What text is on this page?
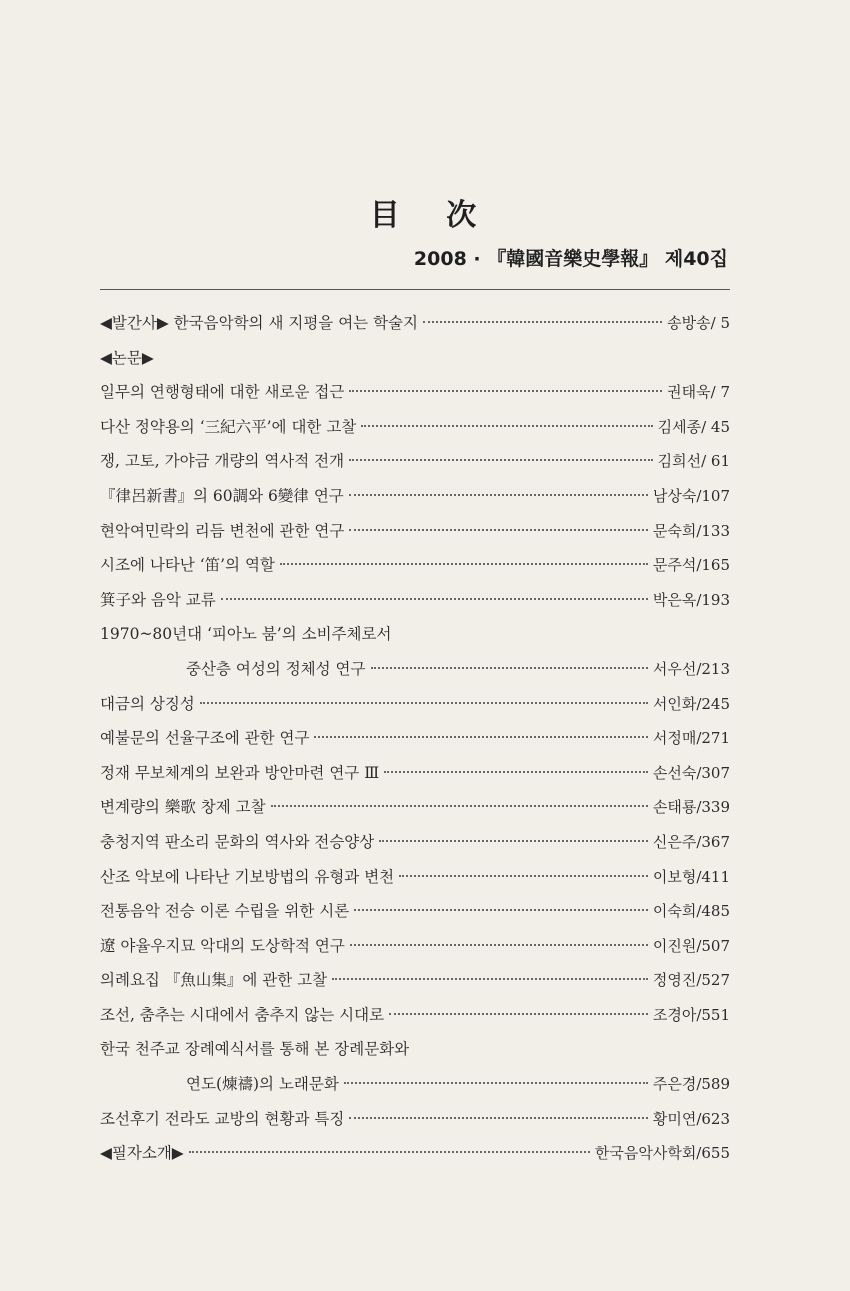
目 次
2008 · 『韓國音樂史學報』 제40집
◀발간사▶ 한국음악학의 새 지평을 여는 학술지	송방송/ 5
◀논문▶
일무의 연행형태에 대한 새로운 접근	권태욱/ 7
다산 정약용의 ‘三紀六平’에 대한 고찰	김세종/ 45
쟁, 고토, 가야금 개량의 역사적 전개	김희선/ 61
『律呂新書』의 60調와 6變律 연구	남상숙/107
현악여민락의 리듬 변천에 관한 연구	문숙희/133
시조에 나타난 ‘笛’의 역할	문주석/165
箕子와 음악 교류	박은옥/193
1970~80년대 ‘피아노 붐’의 소비주체로서
중산층 여성의 정체성 연구	서우선/213
대금의 상징성	서인화/245
예불문의 선율구조에 관한 연구	서정매/271
정재 무보체계의 보완과 방안마련 연구 Ⅲ	손선숙/307
변계량의 樂歌 창제 고찰	손태룡/339
충청지역 판소리 문화의 역사와 전승양상	신은주/367
산조 악보에 나타난 기보방법의 유형과 변천	이보형/411
전통음악 전승 이론 수립을 위한 시론	이숙희/485
遼 야율우지묘 악대의 도상학적 연구	이진원/507
의례요집 『魚山集』에 관한 고찰	정영진/527
조선, 춤추는 시대에서 춤추지 않는 시대로	조경아/551
한국 천주교 장례예식서를 통해 본 장례문화와
연도(煉禱)의 노래문화	주은경/589
조선후기 전라도 교방의 현황과 특징	황미연/623
◀필자소개▶	한국음악사학회/655
